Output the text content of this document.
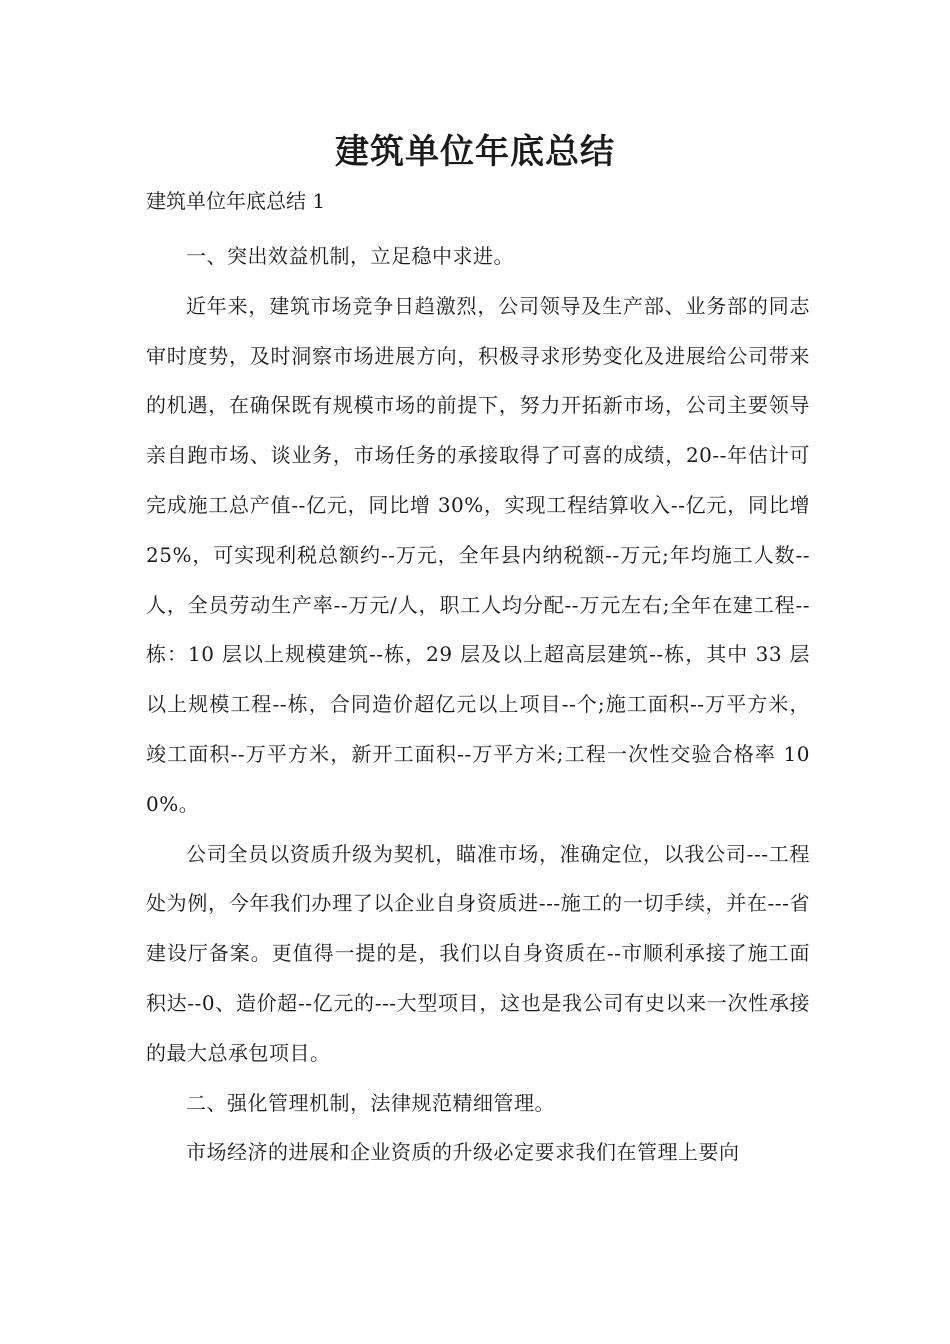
建筑单位年底总结
建筑单位年底总结 1

一、突出效益机制，立足稳中求进。

近年来，建筑市场竞争日趋激烈，公司领导及生产部、业务部的同志审时度势，及时洞察市场进展方向，积极寻求形势变化及进展给公司带来的机遇，在确保既有规模市场的前提下，努力开拓新市场，公司主要领导亲自跑市场、谈业务，市场任务的承接取得了可喜的成绩，20--年估计可完成施工总产值--亿元，同比增 30%，实现工程结算收入--亿元，同比增 25%，可实现利税总额约--万元，全年县内纳税额--万元;年均施工人数--人，全员劳动生产率--万元/人，职工人均分配--万元左右;全年在建工程--栋：10 层以上规模建筑--栋，29 层及以上超高层建筑--栋，其中 33 层以上规模工程--栋，合同造价超亿元以上项目--个;施工面积--万平方米，竣工面积--万平方米，新开工面积--万平方米;工程一次性交验合格率 100%。

公司全员以资质升级为契机，瞄准市场，准确定位，以我公司---工程处为例，今年我们办理了以企业自身资质进---施工的一切手续，并在---省建设厅备案。更值得一提的是，我们以自身资质在--市顺利承接了施工面积达--0、造价超--亿元的---大型项目，这也是我公司有史以来一次性承接的最大总承包项目。

二、强化管理机制，法律规范精细管理。

市场经济的进展和企业资质的升级必定要求我们在管理上要向
